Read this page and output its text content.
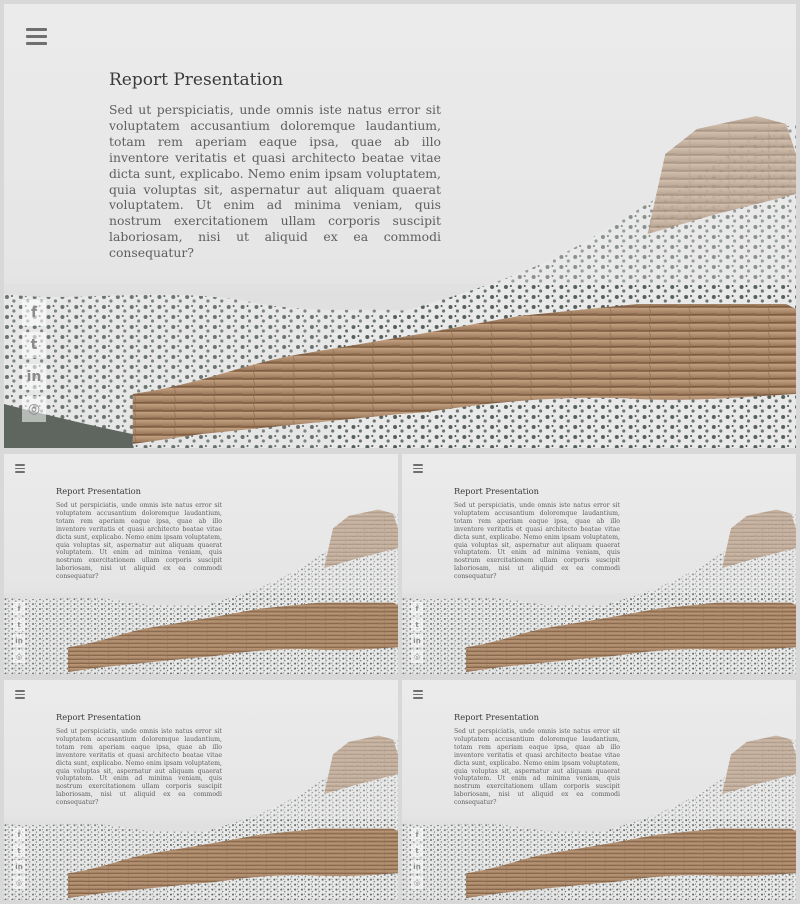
Report Presentation

Sed ut perspiciatis, unde omnis iste natus error sit voluptatem accusantium doloremque laudantium, totam rem aperiam eaque ipsa, quae ab illo inventore veritatis et quasi architecto beatae vitae dicta sunt, explicabo. Nemo enim ipsam voluptatem, quia voluptas sit, aspernatur aut aliquam quaerat voluptatem. Ut enim ad minima veniam, quis nostrum exercitationem ullam corporis suscipit laboriosam, nisi ut aliquid ex ea commodi consequatur?

f
t
in
◎
Report Presentation

Sed ut perspiciatis, unde omnis iste natus error sit voluptatem accusantium doloremque laudantium, totam rem aperiam eaque ipsa, quae ab illo inventore veritatis et quasi architecto beatae vitae dicta sunt, explicabo. Nemo enim ipsam voluptatem, quia voluptas sit, aspernatur aut aliquam quaerat voluptatem. Ut enim ad minima veniam, quis nostrum exercitationem ullam corporis suscipit laboriosam, nisi ut aliquid ex ea commodi consequatur?

f
t
in
◎
Report Presentation

Sed ut perspiciatis, unde omnis iste natus error sit voluptatem accusantium doloremque laudantium, totam rem aperiam eaque ipsa, quae ab illo inventore veritatis et quasi architecto beatae vitae dicta sunt, explicabo. Nemo enim ipsam voluptatem, quia voluptas sit, aspernatur aut aliquam quaerat voluptatem. Ut enim ad minima veniam, quis nostrum exercitationem ullam corporis suscipit laboriosam, nisi ut aliquid ex ea commodi consequatur?

f
t
in
◎
Report Presentation

Sed ut perspiciatis, unde omnis iste natus error sit voluptatem accusantium doloremque laudantium, totam rem aperiam eaque ipsa, quae ab illo inventore veritatis et quasi architecto beatae vitae dicta sunt, explicabo. Nemo enim ipsam voluptatem, quia voluptas sit, aspernatur aut aliquam quaerat voluptatem. Ut enim ad minima veniam, quis nostrum exercitationem ullam corporis suscipit laboriosam, nisi ut aliquid ex ea commodi consequatur?

f
t
in
◎
Report Presentation

Sed ut perspiciatis, unde omnis iste natus error sit voluptatem accusantium doloremque laudantium, totam rem aperiam eaque ipsa, quae ab illo inventore veritatis et quasi architecto beatae vitae dicta sunt, explicabo. Nemo enim ipsam voluptatem, quia voluptas sit, aspernatur aut aliquam quaerat voluptatem. Ut enim ad minima veniam, quis nostrum exercitationem ullam corporis suscipit laboriosam, nisi ut aliquid ex ea commodi consequatur?

f
t
in
◎
